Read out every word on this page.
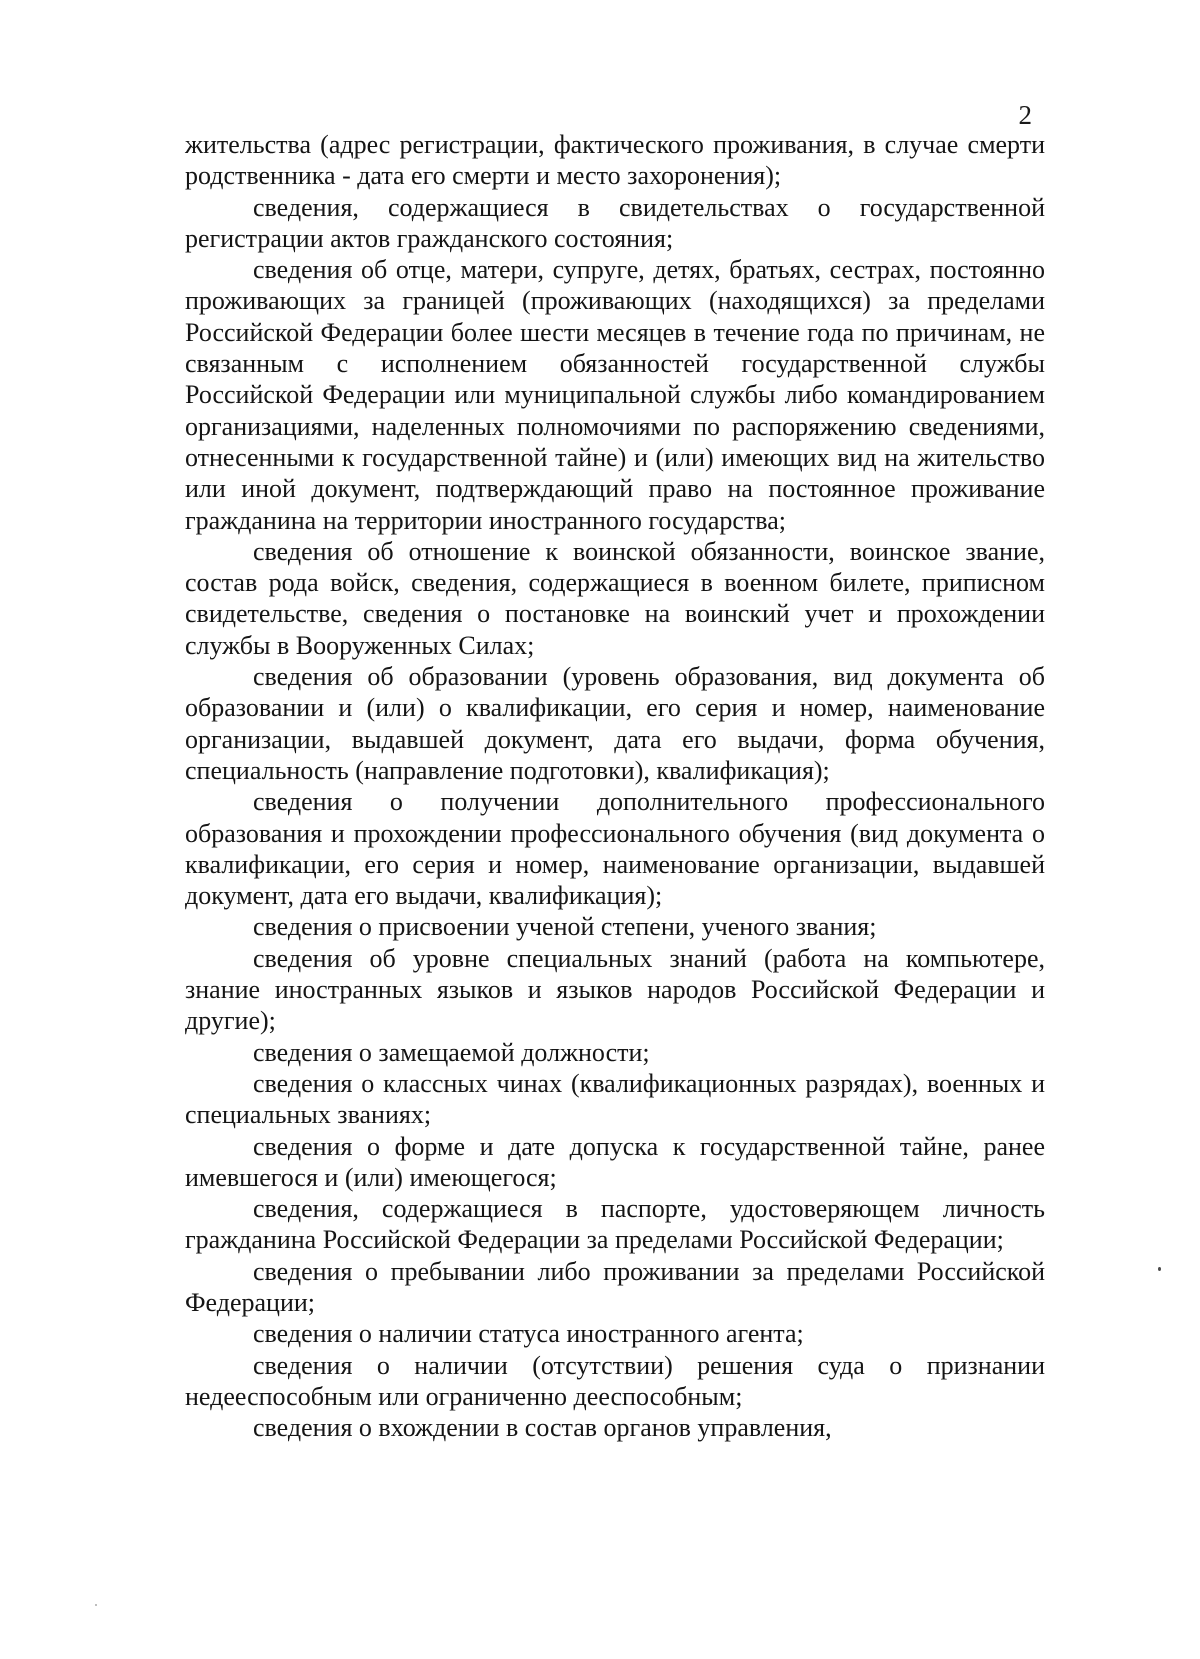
2

жительства (адрес регистрации, фактического проживания, в случае смерти родственника - дата его смерти и место захоронения);

сведения, содержащиеся в свидетельствах о государственной регистрации актов гражданского состояния;

сведения об отце, матери, супруге, детях, братьях, сестрах, постоянно проживающих за границей (проживающих (находящихся) за пределами Российской Федерации более шести месяцев в течение года по причинам, не связанным с исполнением обязанностей государственной службы Российской Федерации или муниципальной службы либо командированием организациями, наделенных полномочиями по распоряжению сведениями, отнесенными к государственной тайне) и (или) имеющих вид на жительство или иной документ, подтверждающий право на постоянное проживание гражданина на территории иностранного государства;

сведения об отношение к воинской обязанности, воинское звание, состав рода войск, сведения, содержащиеся в военном билете, приписном свидетельстве, сведения о постановке на воинский учет и прохождении службы в Вооруженных Силах;

сведения об образовании (уровень образования, вид документа об образовании и (или) о квалификации, его серия и номер, наименование организации, выдавшей документ, дата его выдачи, форма обучения, специальность (направление подготовки), квалификация);

сведения о получении дополнительного профессионального образования и прохождении профессионального обучения (вид документа о квалификации, его серия и номер, наименование организации, выдавшей документ, дата его выдачи, квалификация);

сведения о присвоении ученой степени, ученого звания;

сведения об уровне специальных знаний (работа на компьютере, знание иностранных языков и языков народов Российской Федерации и другие);

сведения о замещаемой должности;

сведения о классных чинах (квалификационных разрядах), военных и специальных званиях;

сведения о форме и дате допуска к государственной тайне, ранее имевшегося и (или) имеющегося;

сведения, содержащиеся в паспорте, удостоверяющем личность гражданина Российской Федерации за пределами Российской Федерации;

сведения о пребывании либо проживании за пределами Российской Федерации;

сведения о наличии статуса иностранного агента;

сведения о наличии (отсутствии) решения суда о признании недееспособным или ограниченно дееспособным;

сведения о вхождении в состав органов управления,
